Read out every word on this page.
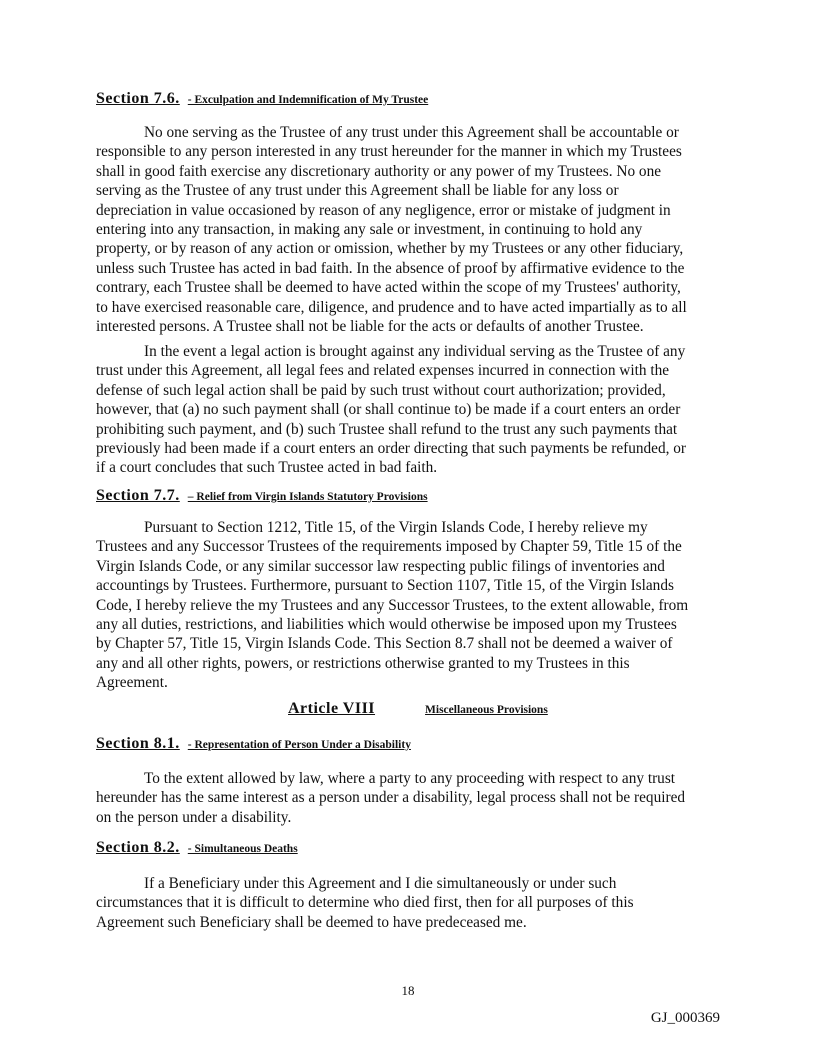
Section 7.6. - Exculpation and Indemnification of My Trustee

No one serving as the Trustee of any trust under this Agreement shall be accountable or
responsible to any person interested in any trust hereunder for the manner in which my Trustees
shall in good faith exercise any discretionary authority or any power of my Trustees. No one
serving as the Trustee of any trust under this Agreement shall be liable for any loss or
depreciation in value occasioned by reason of any negligence, error or mistake of judgment in
entering into any transaction, in making any sale or investment, in continuing to hold any
property, or by reason of any action or omission, whether by my Trustees or any other fiduciary,
unless such Trustee has acted in bad faith. In the absence of proof by affirmative evidence to the
contrary, each Trustee shall be deemed to have acted within the scope of my Trustees' authority,
to have exercised reasonable care, diligence, and prudence and to have acted impartially as to all
interested persons. A Trustee shall not be liable for the acts or defaults of another Trustee.

In the event a legal action is brought against any individual serving as the Trustee of any
trust under this Agreement, all legal fees and related expenses incurred in connection with the
defense of such legal action shall be paid by such trust without court authorization; provided,
however, that (a) no such payment shall (or shall continue to) be made if a court enters an order
prohibiting such payment, and (b) such Trustee shall refund to the trust any such payments that
previously had been made if a court enters an order directing that such payments be refunded, or
if a court concludes that such Trustee acted in bad faith.

Section 7.7. – Relief from Virgin Islands Statutory Provisions

Pursuant to Section 1212, Title 15, of the Virgin Islands Code, I hereby relieve my
Trustees and any Successor Trustees of the requirements imposed by Chapter 59, Title 15 of the
Virgin Islands Code, or any similar successor law respecting public filings of inventories and
accountings by Trustees. Furthermore, pursuant to Section 1107, Title 15, of the Virgin Islands
Code, I hereby relieve the my Trustees and any Successor Trustees, to the extent allowable, from
any all duties, restrictions, and liabilities which would otherwise be imposed upon my Trustees
by Chapter 57, Title 15, Virgin Islands Code. This Section 8.7 shall not be deemed a waiver of
any and all other rights, powers, or restrictions otherwise granted to my Trustees in this
Agreement.

Article VIII	Miscellaneous Provisions
Section 8.1. - Representation of Person Under a Disability

To the extent allowed by law, where a party to any proceeding with respect to any trust
hereunder has the same interest as a person under a disability, legal process shall not be required
on the person under a disability.

Section 8.2. - Simultaneous Deaths

If a Beneficiary under this Agreement and I die simultaneously or under such
circumstances that it is difficult to determine who died first, then for all purposes of this
Agreement such Beneficiary shall be deemed to have predeceased me.

18
GJ_000369
